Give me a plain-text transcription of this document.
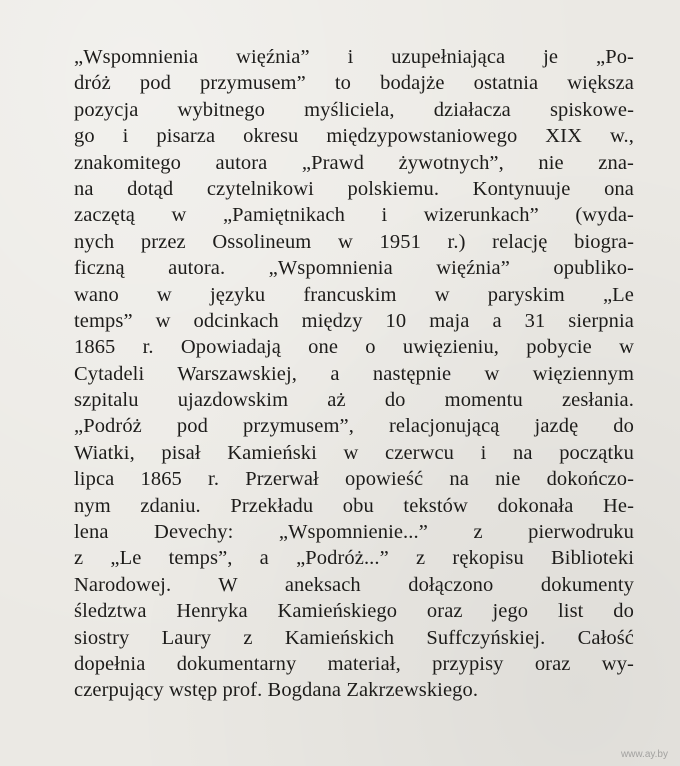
„Wspomnienia więźnia” i uzupełniająca je „Po-
dróż pod przymusem” to bodajże ostatnia większa
pozycja wybitnego myśliciela, działacza spiskowe-
go i pisarza okresu międzypowstaniowego XIX w.,
znakomitego autora „Prawd żywotnych”, nie zna-
na dotąd czytelnikowi polskiemu. Kontynuuje ona
zaczętą w „Pamiętnikach i wizerunkach” (wyda-
nych przez Ossolineum w 1951 r.) relację biogra-
ficzną autora. „Wspomnienia więźnia” opubliko-
wano w języku francuskim w paryskim „Le
temps” w odcinkach między 10 maja a 31 sierpnia
1865 r. Opowiadają one o uwięzieniu, pobycie w
Cytadeli Warszawskiej, a następnie w więziennym
szpitalu ujazdowskim aż do momentu zesłania.
„Podróż pod przymusem”, relacjonującą jazdę do
Wiatki, pisał Kamieński w czerwcu i na początku
lipca 1865 r. Przerwał opowieść na nie dokończo-
nym zdaniu. Przekładu obu tekstów dokonała He-
lena Devechy: „Wspomnienie...” z pierwodruku
z „Le temps”, a „Podróż...” z rękopisu Biblioteki
Narodowej. W aneksach dołączono dokumenty
śledztwa Henryka Kamieńskiego oraz jego list do
siostry Laury z Kamieńskich Suffczyńskiej. Całość
dopełnia dokumentarny materiał, przypisy oraz wy-
czerpujący wstęp prof. Bogdana Zakrzewskiego.
www.ay.by
